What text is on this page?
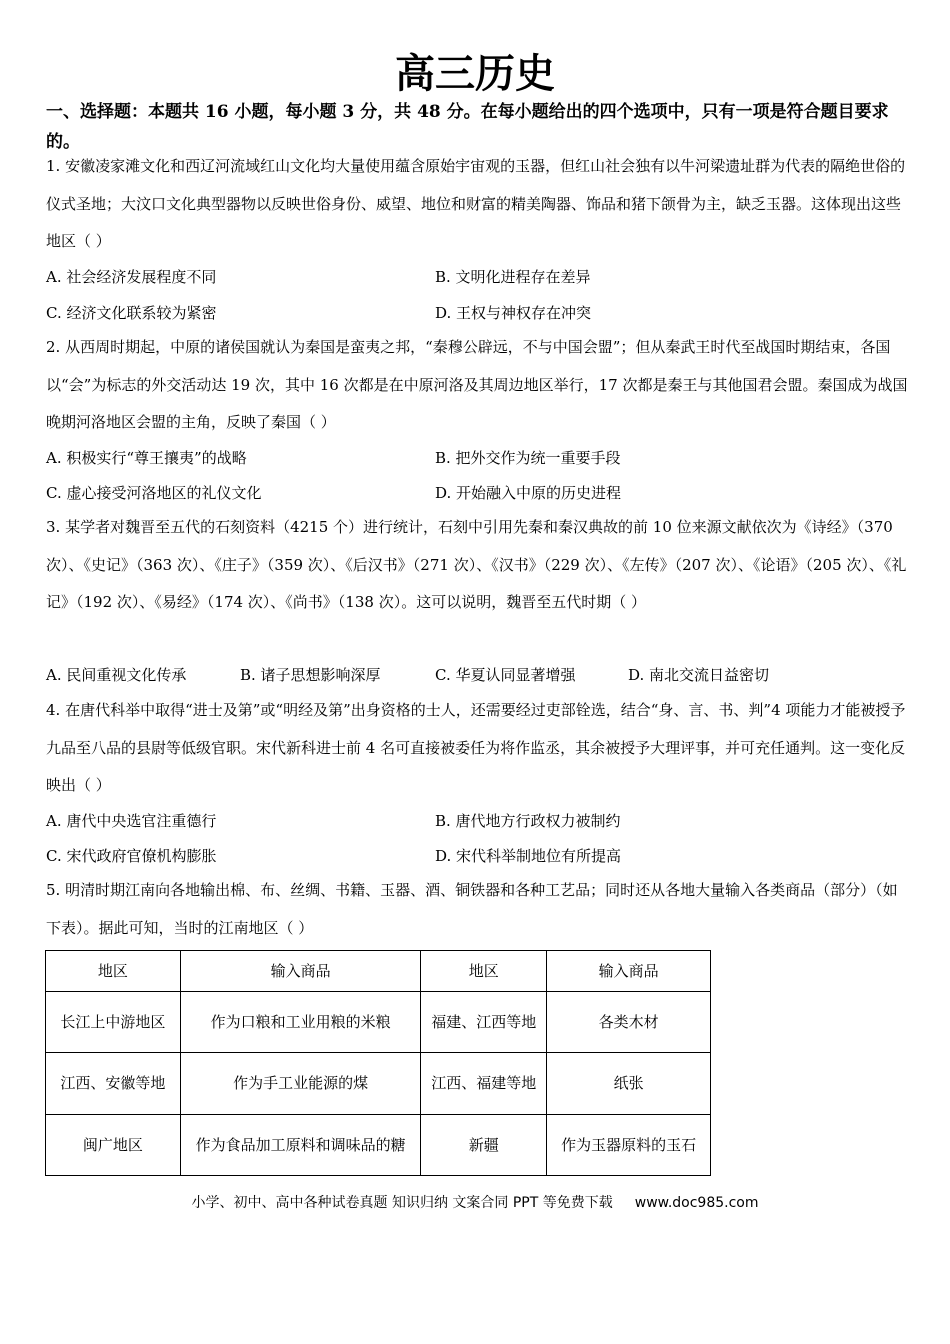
高三历史
一、选择题：本题共 16 小题，每小题 3 分，共 48 分。在每小题给出的四个选项中，只有一项是符合题目要求的。
1. 安徽凌家滩文化和西辽河流域红山文化均大量使用蕴含原始宇宙观的玉器，但红山社会独有以牛河梁遗址群为代表的隔绝世俗的仪式圣地；大汶口文化典型器物以反映世俗身份、威望、地位和财富的精美陶器、饰品和猪下颌骨为主，缺乏玉器。这体现出这些地区（ ）
A. 社会经济发展程度不同	B. 文明化进程存在差异
C. 经济文化联系较为紧密	D. 王权与神权存在冲突
2. 从西周时期起，中原的诸侯国就认为秦国是蛮夷之邦，“秦穆公辟远，不与中国会盟”；但从秦武王时代至战国时期结束，各国以“会”为标志的外交活动达 19 次，其中 16 次都是在中原河洛及其周边地区举行，17 次都是秦王与其他国君会盟。秦国成为战国晚期河洛地区会盟的主角，反映了秦国（ ）
A. 积极实行“尊王攘夷”的战略	B. 把外交作为统一重要手段
C. 虚心接受河洛地区的礼仪文化	D. 开始融入中原的历史进程
3. 某学者对魏晋至五代的石刻资料（4215 个）进行统计，石刻中引用先秦和秦汉典故的前 10 位来源文献依次为《诗经》（370 次）、《史记》（363 次）、《庄子》（359 次）、《后汉书》（271 次）、《汉书》（229 次）、《左传》（207 次）、《论语》（205 次）、《礼记》（192 次）、《易经》（174 次）、《尚书》（138 次）。这可以说明，魏晋至五代时期（ ）
A. 民间重视文化传承	B. 诸子思想影响深厚	C. 华夏认同显著增强	D. 南北交流日益密切
4. 在唐代科举中取得“进士及第”或“明经及第”出身资格的士人，还需要经过吏部铨选，结合“身、言、书、判”4 项能力才能被授予九品至八品的县尉等低级官职。宋代新科进士前 4 名可直接被委任为将作监丞，其余被授予大理评事，并可充任通判。这一变化反映出（ ）
A. 唐代中央选官注重德行	B. 唐代地方行政权力被制约
C. 宋代政府官僚机构膨胀	D. 宋代科举制地位有所提高
5. 明清时期江南向各地输出棉、布、丝绸、书籍、玉器、酒、铜铁器和各种工艺品；同时还从各地大量输入各类商品（部分）（如下表）。据此可知，当时的江南地区（ ）
地区	输入商品	地区	输入商品
长江上中游地区	作为口粮和工业用粮的米粮	福建、江西等地	各类木材
江西、安徽等地	作为手工业能源的煤	江西、福建等地	纸张
闽广地区	作为食品加工原料和调味品的糖	新疆	作为玉器原料的玉石
小学、初中、高中各种试卷真题 知识归纳 文案合同 PPT 等免费下载 www.doc985.com
